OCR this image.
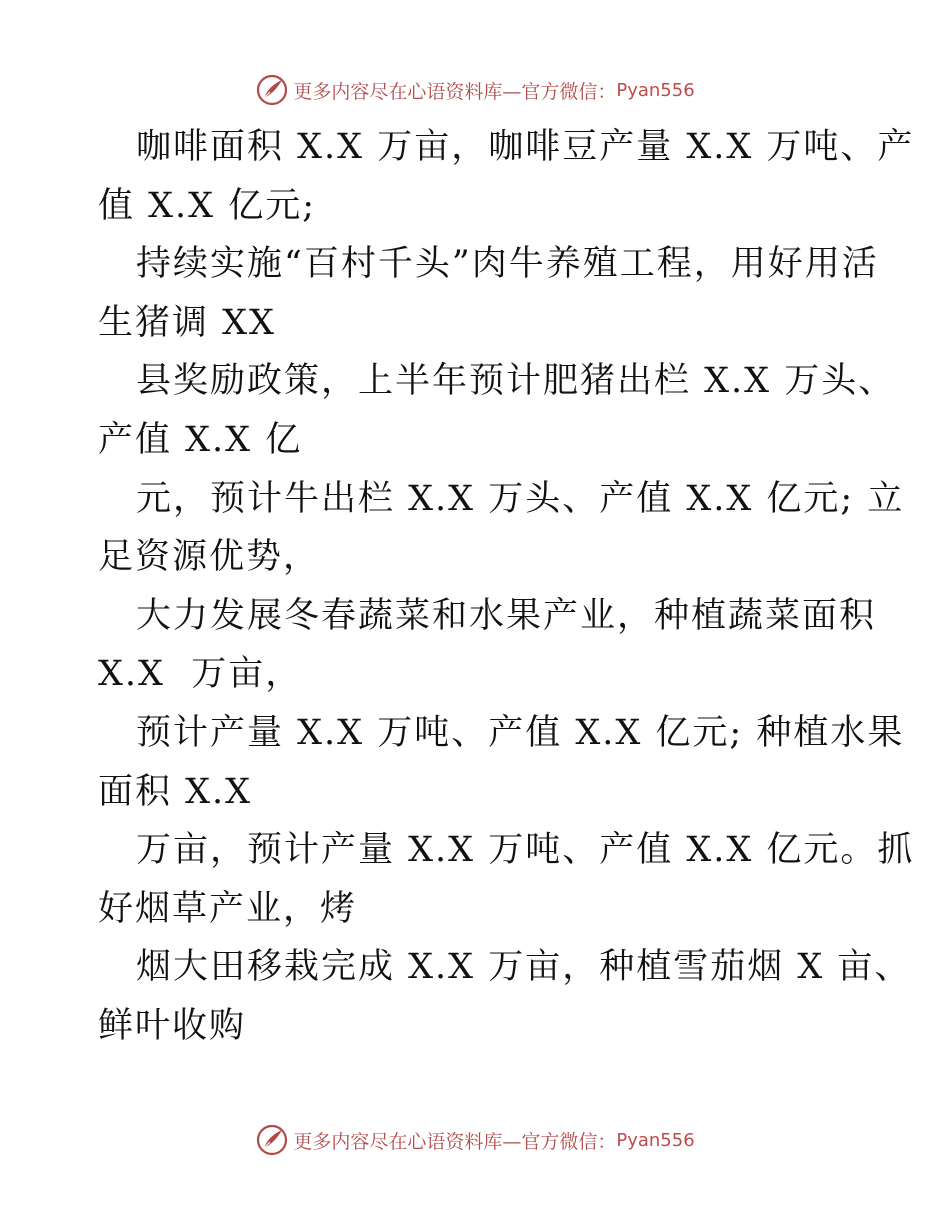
更多内容尽在心语资料库—官方微信： Pyan556
咖啡面积 X.X 万亩，咖啡豆产量 X.X 万吨、产
值 X.X 亿元;
持续实施“百村千头”肉牛养殖工程，用好用活
生猪调 XX
县奖励政策，上半年预计肥猪出栏 X.X 万头、
产值 X.X 亿
元，预计牛出栏 X.X 万头、产值 X.X 亿元; 立
足资源优势，
大力发展冬春蔬菜和水果产业，种植蔬菜面积
X.X  万亩，
预计产量 X.X 万吨、产值 X.X 亿元; 种植水果
面积 X.X
万亩，预计产量 X.X 万吨、产值 X.X 亿元。抓
好烟草产业，烤
烟大田移栽完成 X.X 万亩，种植雪茄烟 X 亩、
鲜叶收购
更多内容尽在心语资料库—官方微信： Pyan556
